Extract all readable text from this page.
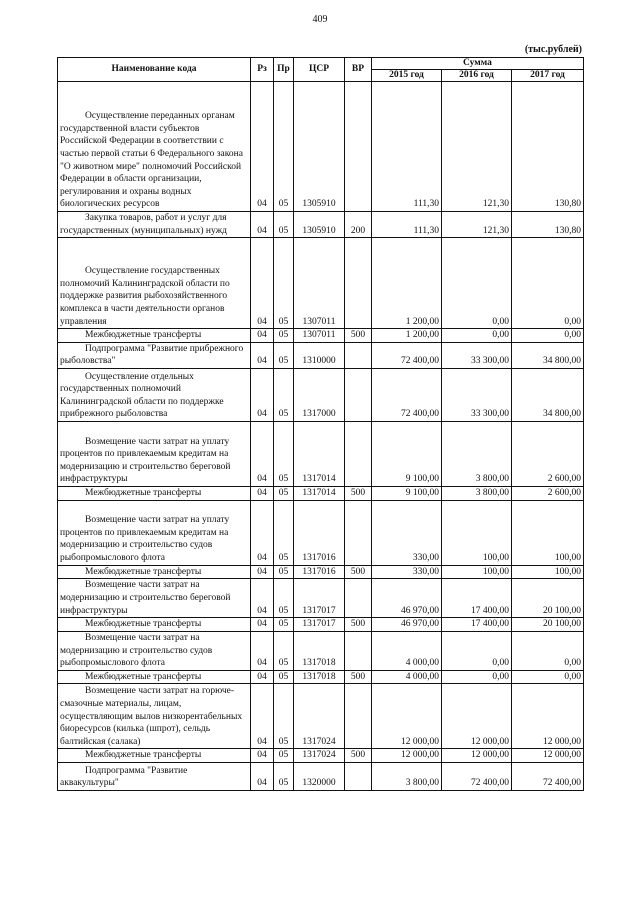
409
(тыс.рублей)
Наименование кода	Рз	Пр	ЦСР	ВР	Сумма		
					2015 год	2016 год	2017 год
Осуществление переданных органам государственной власти субъектов Российской Федерации в соответствии с частью первой статьи 6 Федерального закона "О животном мире" полномочий Российской Федерации в области организации, регулирования и охраны водных биологических ресурсов	04	05	1305910		111,30	121,30	130,80
Закупка товаров, работ и услуг для государственных (муниципальных) нужд	04	05	1305910	200	111,30	121,30	130,80
Осуществление государственных полномочий Калининградской области по поддержке развития рыбохозяйственного комплекса в части деятельности органов управления	04	05	1307011		1 200,00	0,00	0,00
Межбюджетные трансферты	04	05	1307011	500	1 200,00	0,00	0,00
Подпрограмма "Развитие прибрежного рыболовства"	04	05	1310000		72 400,00	33 300,00	34 800,00
Осуществление отдельных государственных полномочий Калининградской области по поддержке прибрежного рыболовства	04	05	1317000		72 400,00	33 300,00	34 800,00
Возмещение части затрат на уплату процентов по привлекаемым кредитам на модернизацию и строительство береговой инфраструктуры	04	05	1317014		9 100,00	3 800,00	2 600,00
Межбюджетные трансферты	04	05	1317014	500	9 100,00	3 800,00	2 600,00
Возмещение части затрат на уплату процентов по привлекаемым кредитам на модернизацию и строительство судов рыбопромыслового флота	04	05	1317016		330,00	100,00	100,00
Межбюджетные трансферты	04	05	1317016	500	330,00	100,00	100,00
Возмещение части затрат на модернизацию и строительство береговой инфраструктуры	04	05	1317017		46 970,00	17 400,00	20 100,00
Межбюджетные трансферты	04	05	1317017	500	46 970,00	17 400,00	20 100,00
Возмещение части затрат на модернизацию и строительство судов рыбопромыслового флота	04	05	1317018		4 000,00	0,00	0,00
Межбюджетные трансферты	04	05	1317018	500	4 000,00	0,00	0,00
Возмещение части затрат на горюче-смазочные материалы, лицам, осуществляющим вылов низкорентабельных биоресурсов (килька (шпрот), сельдь балтийская (салака)	04	05	1317024		12 000,00	12 000,00	12 000,00
Межбюджетные трансферты	04	05	1317024	500	12 000,00	12 000,00	12 000,00
Подпрограмма "Развитие аквакультуры"	04	05	1320000		3 800,00	72 400,00	72 400,00
